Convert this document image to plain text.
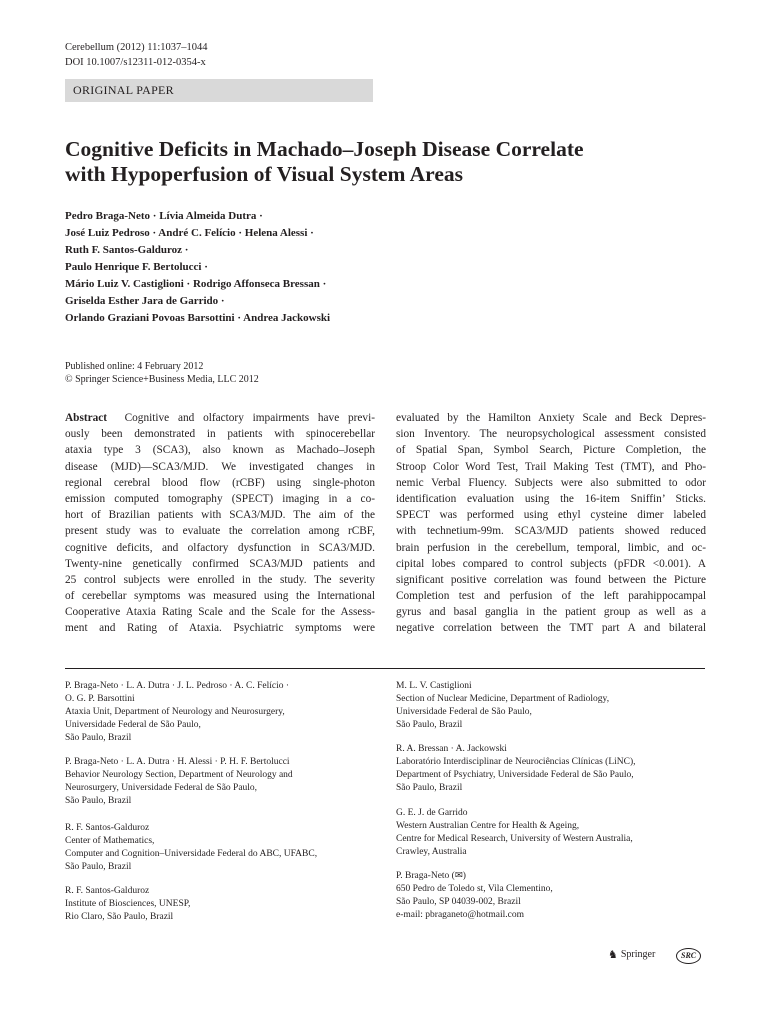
Cerebellum (2012) 11:1037–1044
DOI 10.1007/s12311-012-0354-x
ORIGINAL PAPER
Cognitive Deficits in Machado–Joseph Disease Correlate
with Hypoperfusion of Visual System Areas
Pedro Braga-Neto · Lívia Almeida Dutra ·
José Luiz Pedroso · André C. Felício · Helena Alessi ·
Ruth F. Santos-Galduroz ·
Paulo Henrique F. Bertolucci ·
Mário Luiz V. Castiglioni · Rodrigo Affonseca Bressan ·
Griselda Esther Jara de Garrido ·
Orlando Graziani Povoas Barsottini · Andrea Jackowski
Published online: 4 February 2012
© Springer Science+Business Media, LLC 2012
Abstract Cognitive and olfactory impairments have previ-
ously been demonstrated in patients with spinocerebellar
ataxia type 3 (SCA3), also known as Machado–Joseph
disease (MJD)—SCA3/MJD. We investigated changes in
regional cerebral blood flow (rCBF) using single-photon
emission computed tomography (SPECT) imaging in a co-
hort of Brazilian patients with SCA3/MJD. The aim of the
present study was to evaluate the correlation among rCBF,
cognitive deficits, and olfactory dysfunction in SCA3/MJD.
Twenty-nine genetically confirmed SCA3/MJD patients and
25 control subjects were enrolled in the study. The severity
of cerebellar symptoms was measured using the International
Cooperative Ataxia Rating Scale and the Scale for the Assess-
ment and Rating of Ataxia. Psychiatric symptoms were
evaluated by the Hamilton Anxiety Scale and Beck Depres-
sion Inventory. The neuropsychological assessment consisted
of Spatial Span, Symbol Search, Picture Completion, the
Stroop Color Word Test, Trail Making Test (TMT), and Pho-
nemic Verbal Fluency. Subjects were also submitted to odor
identification evaluation using the 16-item Sniffin’ Sticks.
SPECT was performed using ethyl cysteine dimer labeled
with technetium-99m. SCA3/MJD patients showed reduced
brain perfusion in the cerebellum, temporal, limbic, and oc-
cipital lobes compared to control subjects (pFDR <0.001). A
significant positive correlation was found between the Picture
Completion test and perfusion of the left parahippocampal
gyrus and basal ganglia in the patient group as well as a
negative correlation between the TMT part A and bilateral
P. Braga-Neto · L. A. Dutra · J. L. Pedroso · A. C. Felício ·
O. G. P. Barsottini
Ataxia Unit, Department of Neurology and Neurosurgery,
Universidade Federal de São Paulo,
São Paulo, Brazil
P. Braga-Neto · L. A. Dutra · H. Alessi · P. H. F. Bertolucci
Behavior Neurology Section, Department of Neurology and
Neurosurgery, Universidade Federal de São Paulo,
São Paulo, Brazil
R. F. Santos-Galduroz
Center of Mathematics,
Computer and Cognition–Universidade Federal do ABC, UFABC,
São Paulo, Brazil
R. F. Santos-Galduroz
Institute of Biosciences, UNESP,
Rio Claro, São Paulo, Brazil
M. L. V. Castiglioni
Section of Nuclear Medicine, Department of Radiology,
Universidade Federal de São Paulo,
São Paulo, Brazil
R. A. Bressan · A. Jackowski
Laboratório Interdisciplinar de Neurociências Clínicas (LiNC),
Department of Psychiatry, Universidade Federal de São Paulo,
São Paulo, Brazil
G. E. J. de Garrido
Western Australian Centre for Health & Ageing,
Centre for Medical Research, University of Western Australia,
Crawley, Australia
P. Braga-Neto (✉)
650 Pedro de Toledo st, Vila Clementino,
São Paulo, SP 04039-002, Brazil
e-mail: pbraganeto@hotmail.com
♞ Springer	SRC
